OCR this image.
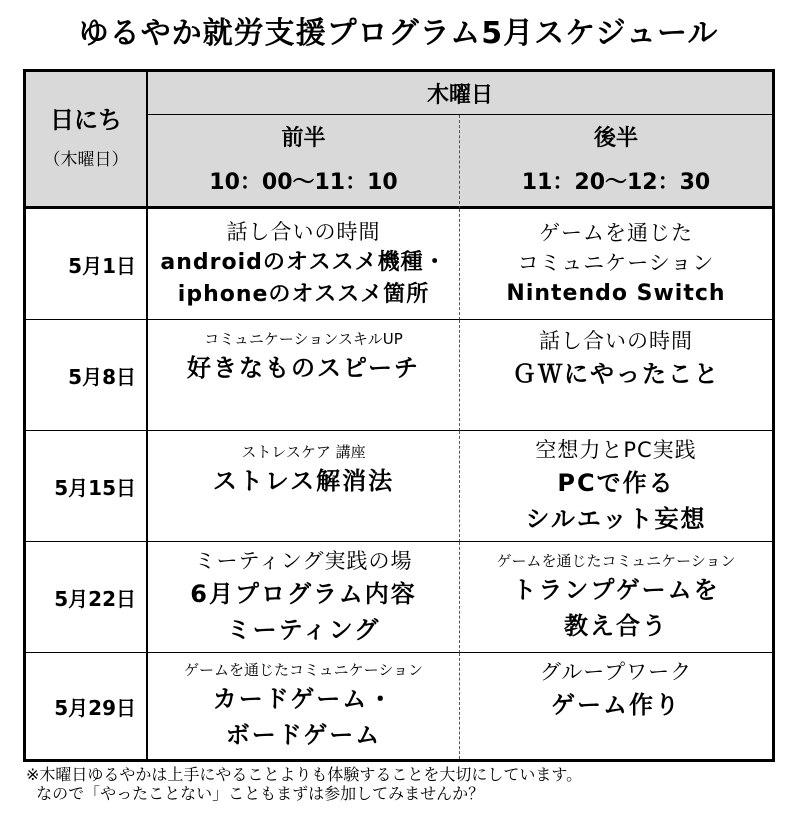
ゆるやか就労支援プログラム5月スケジュール
日にち
（木曜日）
木曜日
前半
10：00～11：10
後半
11：20～12：30
5月1日
話し合いの時間
androidのオススメ機種・
iphoneのオススメ箇所
ゲームを通じた
コミュニケーション
Nintendo Switch
5月8日
コミュニケーションスキルUP
好きなものスピーチ
話し合いの時間
ＧＷにやったこと
5月15日
ストレスケア 講座
ストレス解消法
空想力とPC実践
PCで作る
シルエット妄想
5月22日
ミーティング実践の場
6月プログラム内容
ミーティング
ゲームを通じたコミュニケーション
トランプゲームを
教え合う
5月29日
ゲームを通じたコミュニケーション
カードゲーム・
ボードゲーム
グループワーク
ゲーム作り
※木曜日ゆるやかは上手にやることよりも体験することを大切にしています。
なので「やったことない」こともまずは参加してみませんか？
